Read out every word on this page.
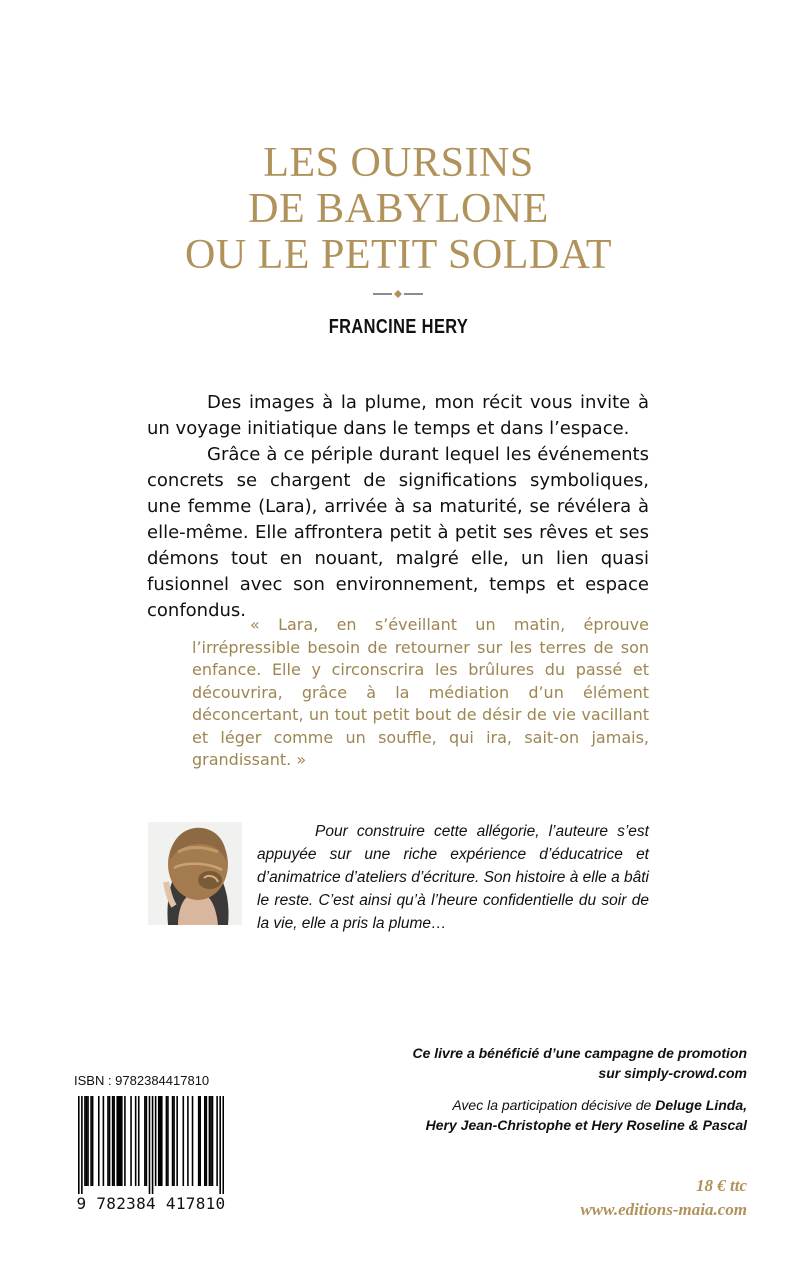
LES OURSINS
DE BABYLONE
OU LE PETIT SOLDAT
FRANCINE HERY

Des images à la plume, mon récit vous invite à un voyage initiatique dans le temps et dans l’espace.

Grâce à ce périple durant lequel les événements concrets se chargent de significations symboliques, une femme (Lara), arrivée à sa maturité, se révélera à elle-même. Elle affrontera petit à petit ses rêves et ses démons tout en nouant, malgré elle, un lien quasi fusionnel avec son environnement, temps et espace confondus.

« Lara, en s’éveillant un matin, éprouve l’irrépressible besoin de retourner sur les terres de son enfance. Elle y circonscrira les brûlures du passé et découvrira, grâce à la médiation d’un élément déconcertant, un tout petit bout de désir de vie vacillant et léger comme un souffle, qui ira, sait-on jamais, grandissant. »

Pour construire cette allégorie, l’auteure s’est appuyée sur une riche expérience d’éducatrice et d’animatrice d’ateliers d’écriture. Son histoire à elle a bâti le reste. C’est ainsi qu’à l’heure confidentielle du soir de la vie, elle a pris la plume…

Ce livre a bénéficié d’une campagne de promotion
sur simply-crowd.com
Avec la participation décisive de Deluge Linda,
Hery Jean-Christophe et Hery Roseline & Pascal
18 € ttc
www.editions-maia.com
ISBN : 9782384417810
9 782384 417810
